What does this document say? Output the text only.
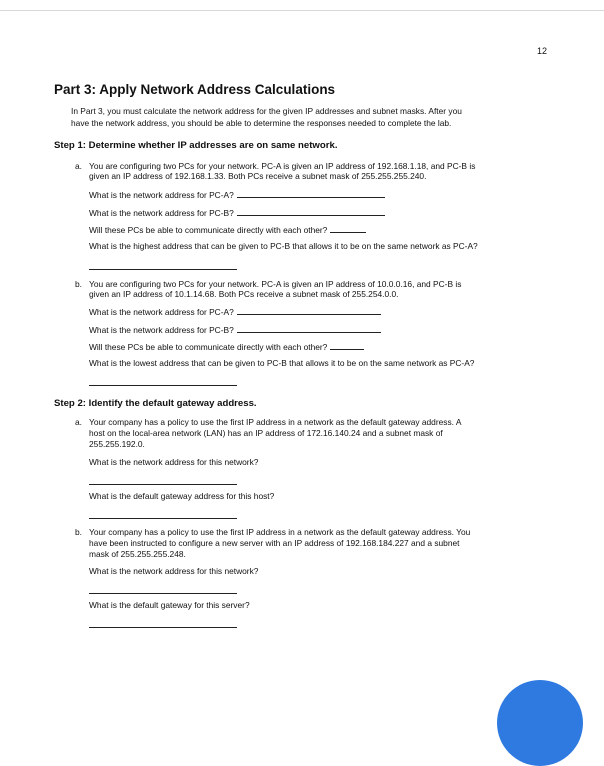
12
Part 3: Apply Network Address Calculations
In Part 3, you must calculate the network address for the given IP addresses and subnet masks. After you
have the network address, you should be able to determine the responses needed to complete the lab.
Step 1: Determine whether IP addresses are on same network.
a. You are configuring two PCs for your network. PC-A is given an IP address of 192.168.1.18, and PC-B is
given an IP address of 192.168.1.33. Both PCs receive a subnet mask of 255.255.255.240.
What is the network address for PC-A?
What is the network address for PC-B?
Will these PCs be able to communicate directly with each other?
What is the highest address that can be given to PC-B that allows it to be on the same network as PC-A?
b. You are configuring two PCs for your network. PC-A is given an IP address of 10.0.0.16, and PC-B is
given an IP address of 10.1.14.68. Both PCs receive a subnet mask of 255.254.0.0.
What is the network address for PC-A?
What is the network address for PC-B?
Will these PCs be able to communicate directly with each other?
What is the lowest address that can be given to PC-B that allows it to be on the same network as PC-A?
Step 2: Identify the default gateway address.
a. Your company has a policy to use the first IP address in a network as the default gateway address. A
host on the local-area network (LAN) has an IP address of 172.16.140.24 and a subnet mask of
255.255.192.0.
What is the network address for this network?
What is the default gateway address for this host?
b. Your company has a policy to use the first IP address in a network as the default gateway address. You
have been instructed to configure a new server with an IP address of 192.168.184.227 and a subnet
mask of 255.255.255.248.
What is the network address for this network?
What is the default gateway for this server?
